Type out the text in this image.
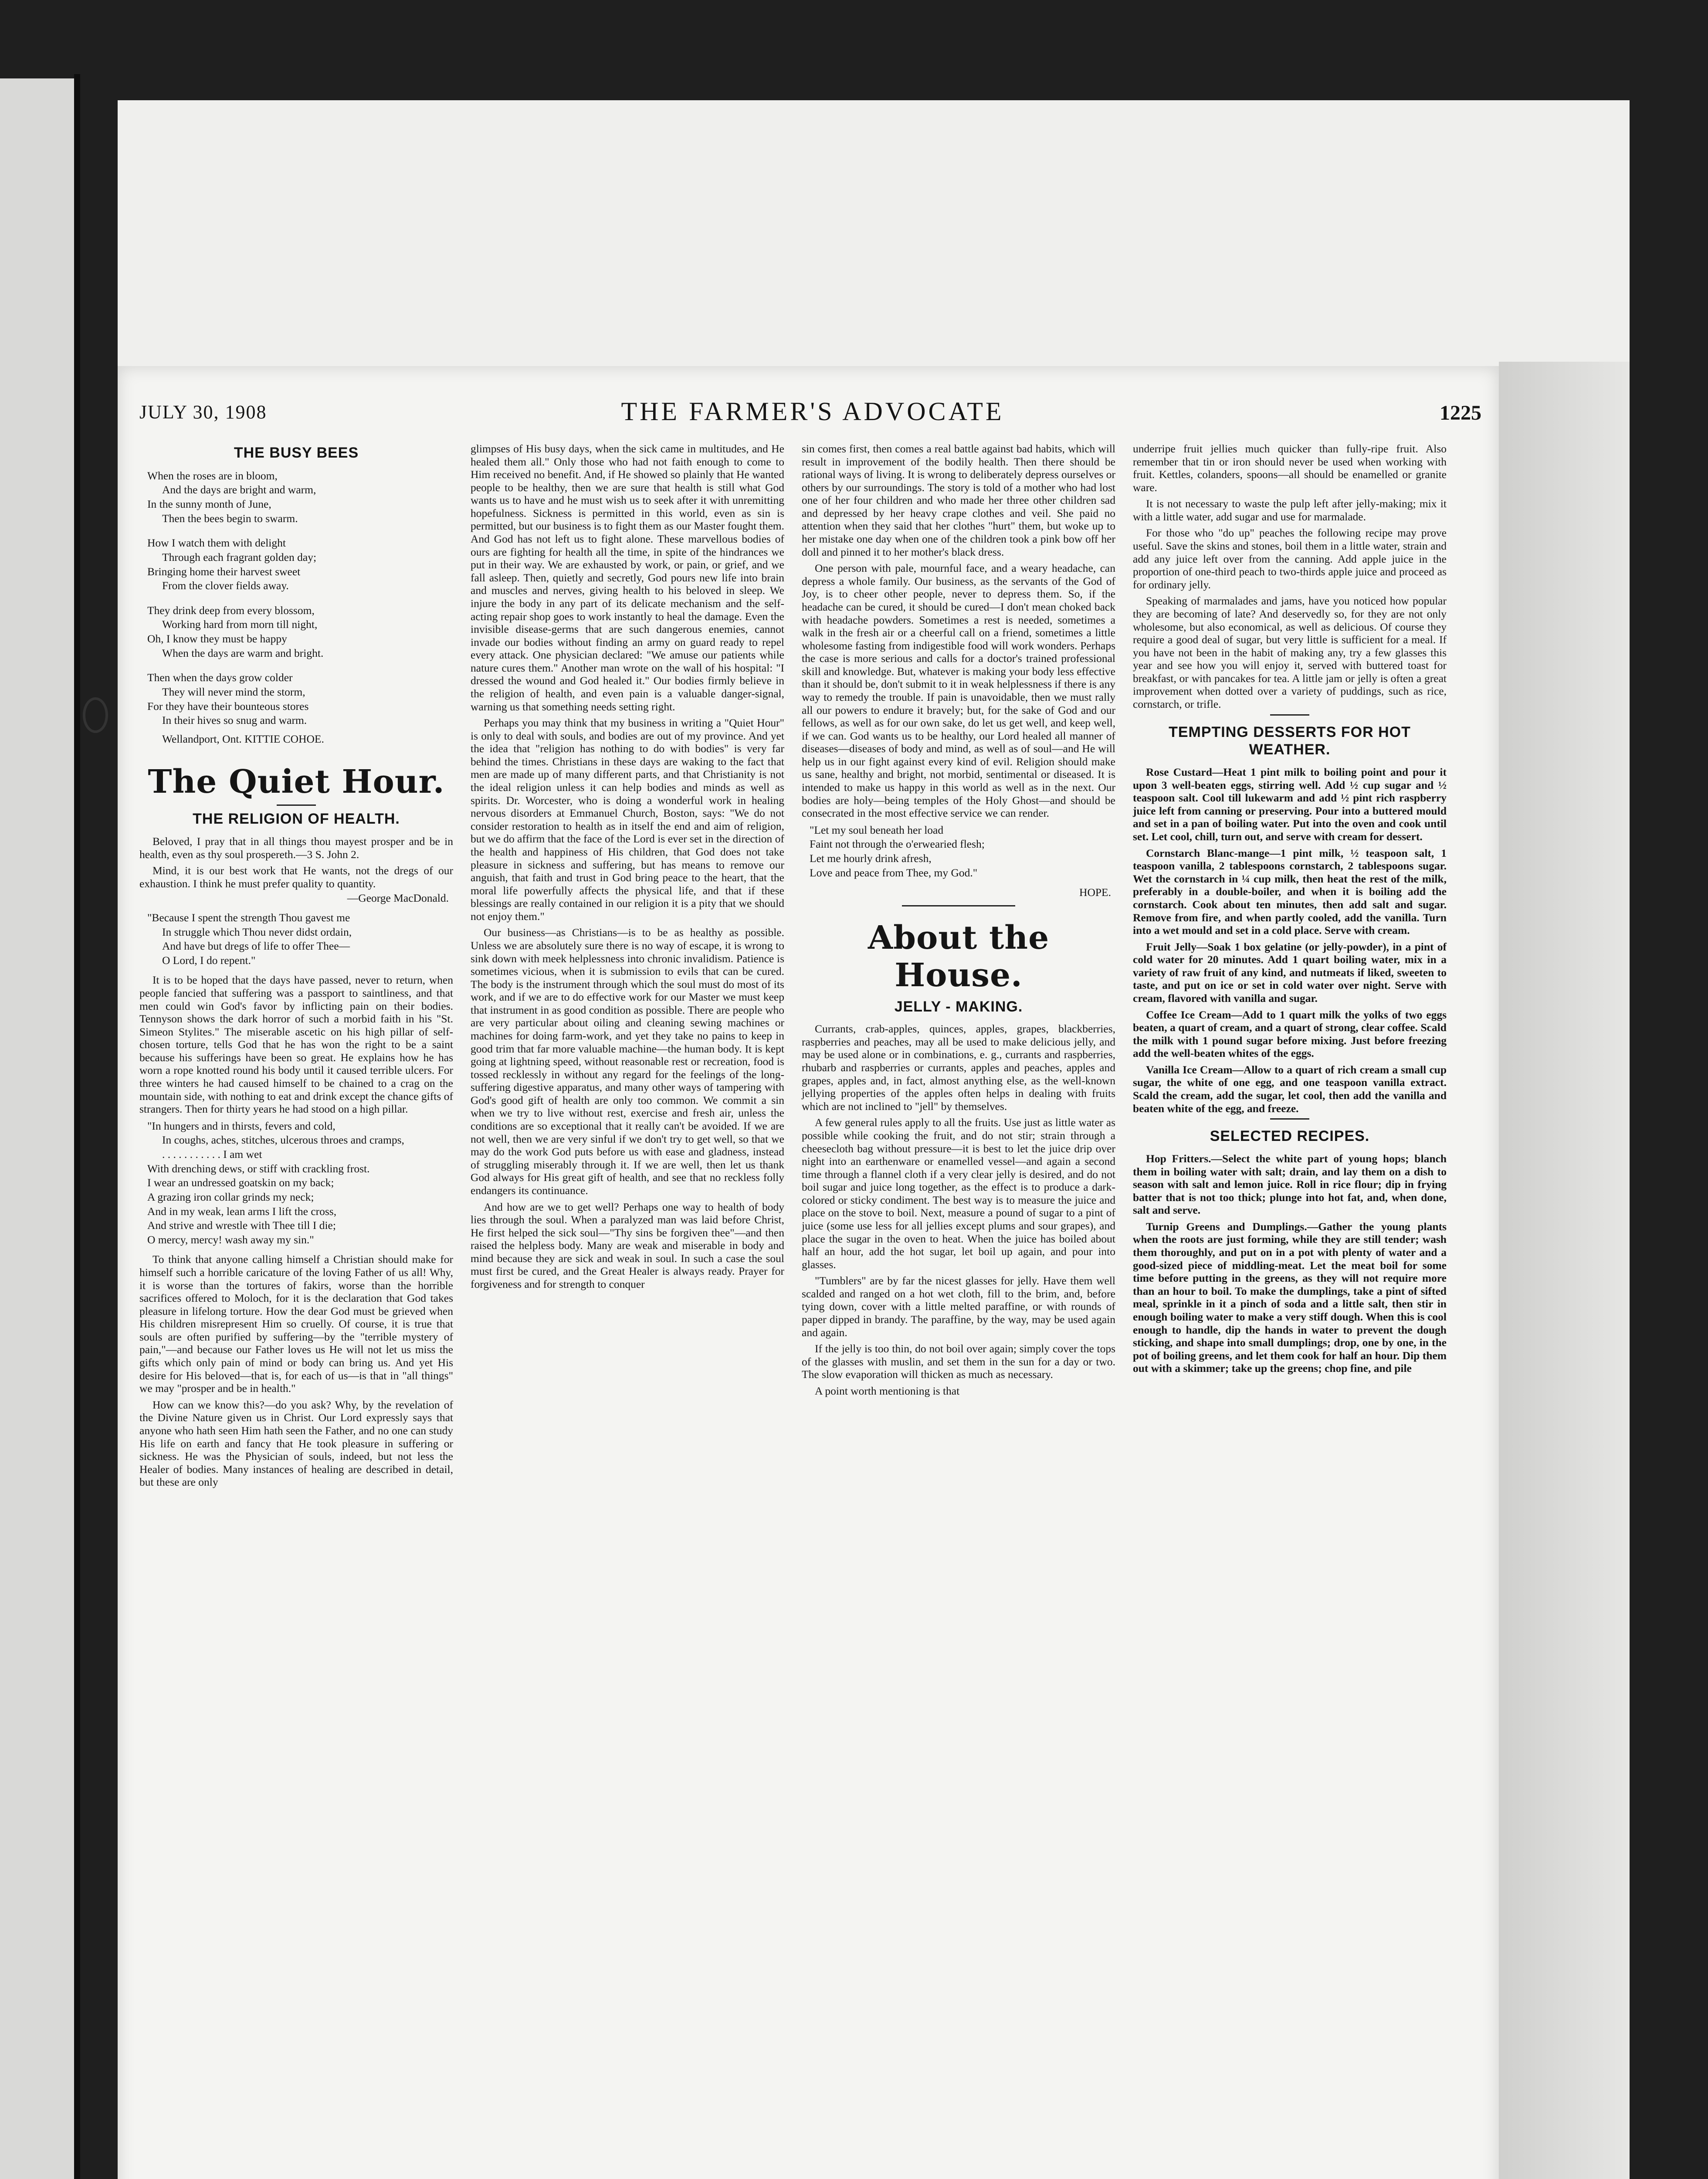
THE FARMER'S ADVOCATE
JULY 30, 1908	1225
THE BUSY BEES
When the roses are in bloom,
And the days are bright and warm,
In the sunny month of June,
Then the bees begin to swarm.
How I watch them with delight
Through each fragrant golden day;
Bringing home their harvest sweet
From the clover fields away.
They drink deep from every blossom,
Working hard from morn till night,
Oh, I know they must be happy
When the days are warm and bright.
Then when the days grow colder
They will never mind the storm,
For they have their bounteous stores
In their hives so snug and warm.
Wellandport, Ont. KITTIE COHOE.
The Quiet Hour.
THE RELIGION OF HEALTH.

Beloved, I pray that in all things thou mayest prosper and be in health, even as thy soul prospereth.—3 S. John 2.

Mind, it is our best work that He wants, not the dregs of our exhaustion. I think he must prefer quality to quantity.

—George MacDonald.
"Because I spent the strength Thou gavest me
In struggle which Thou never didst ordain,
And have but dregs of life to offer Thee—
O Lord, I do repent."

It is to be hoped that the days have passed, never to return, when people fancied that suffering was a passport to saintliness, and that men could win God's favor by inflicting pain on their bodies. Tennyson shows the dark horror of such a morbid faith in his "St. Simeon Stylites." The miserable ascetic on his high pillar of self-chosen torture, tells God that he has won the right to be a saint because his sufferings have been so great. He explains how he has worn a rope knotted round his body until it caused terrible ulcers. For three winters he had caused himself to be chained to a crag on the mountain side, with nothing to eat and drink except the chance gifts of strangers. Then for thirty years he had stood on a high pillar.

"In hungers and in thirsts, fevers and cold,
In coughs, aches, stitches, ulcerous throes and cramps,
. . . . . . . . . . . I am wet
With drenching dews, or stiff with crackling frost.
I wear an undressed goatskin on my back;
A grazing iron collar grinds my neck;
And in my weak, lean arms I lift the cross,
And strive and wrestle with Thee till I die;
O mercy, mercy! wash away my sin."

To think that anyone calling himself a Christian should make for himself such a horrible caricature of the loving Father of us all! Why, it is worse than the tortures of fakirs, worse than the horrible sacrifices offered to Moloch, for it is the declaration that God takes pleasure in lifelong torture. How the dear God must be grieved when His children misrepresent Him so cruelly. Of course, it is true that souls are often purified by suffering—by the "terrible mystery of pain,"—and because our Father loves us He will not let us miss the gifts which only pain of mind or body can bring us. And yet His desire for His beloved—that is, for each of us—is that in "all things" we may "prosper and be in health."

How can we know this?—do you ask? Why, by the revelation of the Divine Nature given us in Christ. Our Lord expressly says that anyone who hath seen Him hath seen the Father, and no one can study His life on earth and fancy that He took pleasure in suffering or sickness. He was the Physician of souls, indeed, but not less the Healer of bodies. Many instances of healing are described in detail, but these are only

glimpses of His busy days, when the sick came in multitudes, and He healed them all." Only those who had not faith enough to come to Him received no benefit. And, if He showed so plainly that He wanted people to be healthy, then we are sure that health is still what God wants us to have and he must wish us to seek after it with unremitting hopefulness. Sickness is permitted in this world, even as sin is permitted, but our business is to fight them as our Master fought them. And God has not left us to fight alone. These marvellous bodies of ours are fighting for health all the time, in spite of the hindrances we put in their way. We are exhausted by work, or pain, or grief, and we fall asleep. Then, quietly and secretly, God pours new life into brain and muscles and nerves, giving health to his beloved in sleep. We injure the body in any part of its delicate mechanism and the self-acting repair shop goes to work instantly to heal the damage. Even the invisible disease-germs that are such dangerous enemies, cannot invade our bodies without finding an army on guard ready to repel every attack. One physician declared: "We amuse our patients while nature cures them." Another man wrote on the wall of his hospital: "I dressed the wound and God healed it." Our bodies firmly believe in the religion of health, and even pain is a valuable danger-signal, warning us that something needs setting right.

Perhaps you may think that my business in writing a "Quiet Hour" is only to deal with souls, and bodies are out of my province. And yet the idea that "religion has nothing to do with bodies" is very far behind the times. Christians in these days are waking to the fact that men are made up of many different parts, and that Christianity is not the ideal religion unless it can help bodies and minds as well as spirits. Dr. Worcester, who is doing a wonderful work in healing nervous disorders at Emmanuel Church, Boston, says: "We do not consider restoration to health as in itself the end and aim of religion, but we do affirm that the face of the Lord is ever set in the direction of the health and happiness of His children, that God does not take pleasure in sickness and suffering, but has means to remove our anguish, that faith and trust in God bring peace to the heart, that the moral life powerfully affects the physical life, and that if these blessings are really contained in our religion it is a pity that we should not enjoy them."

Our business—as Christians—is to be as healthy as possible. Unless we are absolutely sure there is no way of escape, it is wrong to sink down with meek helplessness into chronic invalidism. Patience is sometimes vicious, when it is submission to evils that can be cured. The body is the instrument through which the soul must do most of its work, and if we are to do effective work for our Master we must keep that instrument in as good condition as possible. There are people who are very particular about oiling and cleaning sewing machines or machines for doing farm-work, and yet they take no pains to keep in good trim that far more valuable machine—the human body. It is kept going at lightning speed, without reasonable rest or recreation, food is tossed recklessly in without any regard for the feelings of the long-suffering digestive apparatus, and many other ways of tampering with God's good gift of health are only too common. We commit a sin when we try to live without rest, exercise and fresh air, unless the conditions are so exceptional that it really can't be avoided. If we are not well, then we are very sinful if we don't try to get well, so that we may do the work God puts before us with ease and gladness, instead of struggling miserably through it. If we are well, then let us thank God always for His great gift of health, and see that no reckless folly endangers its continuance.

And how are we to get well? Perhaps one way to health of body lies through the soul. When a paralyzed man was laid before Christ, He first helped the sick soul—"Thy sins be forgiven thee"—and then raised the helpless body. Many are weak and miserable in body and mind because they are sick and weak in soul. In such a case the soul must first be cured, and the Great Healer is always ready. Prayer for forgiveness and for strength to conquer

sin comes first, then comes a real battle against bad habits, which will result in improvement of the bodily health. Then there should be rational ways of living. It is wrong to deliberately depress ourselves or others by our surroundings. The story is told of a mother who had lost one of her four children and who made her three other children sad and depressed by her heavy crape clothes and veil. She paid no attention when they said that her clothes "hurt" them, but woke up to her mistake one day when one of the children took a pink bow off her doll and pinned it to her mother's black dress.

One person with pale, mournful face, and a weary headache, can depress a whole family. Our business, as the servants of the God of Joy, is to cheer other people, never to depress them. So, if the headache can be cured, it should be cured—I don't mean choked back with headache powders. Sometimes a rest is needed, sometimes a walk in the fresh air or a cheerful call on a friend, sometimes a little wholesome fasting from indigestible food will work wonders. Perhaps the case is more serious and calls for a doctor's trained professional skill and knowledge. But, whatever is making your body less effective than it should be, don't submit to it in weak helplessness if there is any way to remedy the trouble. If pain is unavoidable, then we must rally all our powers to endure it bravely; but, for the sake of God and our fellows, as well as for our own sake, do let us get well, and keep well, if we can. God wants us to be healthy, our Lord healed all manner of diseases—diseases of body and mind, as well as of soul—and He will help us in our fight against every kind of evil. Religion should make us sane, healthy and bright, not morbid, sentimental or diseased. It is intended to make us happy in this world as well as in the next. Our bodies are holy—being temples of the Holy Ghost—and should be consecrated in the most effective service we can render.

"Let my soul beneath her load
Faint not through the o'erwearied flesh;
Let me hourly drink afresh,
Love and peace from Thee, my God."
HOPE.
About the House.
JELLY - MAKING.

Currants, crab-apples, quinces, apples, grapes, blackberries, raspberries and peaches, may all be used to make delicious jelly, and may be used alone or in combinations, e. g., currants and raspberries, rhubarb and raspberries or currants, apples and peaches, apples and grapes, apples and, in fact, almost anything else, as the well-known jellying properties of the apples often helps in dealing with fruits which are not inclined to "jell" by themselves.

A few general rules apply to all the fruits. Use just as little water as possible while cooking the fruit, and do not stir; strain through a cheesecloth bag without pressure—it is best to let the juice drip over night into an earthenware or enamelled vessel—and again a second time through a flannel cloth if a very clear jelly is desired, and do not boil sugar and juice long together, as the effect is to produce a dark-colored or sticky condiment. The best way is to measure the juice and place on the stove to boil. Next, measure a pound of sugar to a pint of juice (some use less for all jellies except plums and sour grapes), and place the sugar in the oven to heat. When the juice has boiled about half an hour, add the hot sugar, let boil up again, and pour into glasses.

"Tumblers" are by far the nicest glasses for jelly. Have them well scalded and ranged on a hot wet cloth, fill to the brim, and, before tying down, cover with a little melted paraffine, or with rounds of paper dipped in brandy. The paraffine, by the way, may be used again and again.

If the jelly is too thin, do not boil over again; simply cover the tops of the glasses with muslin, and set them in the sun for a day or two. The slow evaporation will thicken as much as necessary.

A point worth mentioning is that

underripe fruit jellies much quicker than fully-ripe fruit. Also remember that tin or iron should never be used when working with fruit. Kettles, colanders, spoons—all should be enamelled or granite ware.

It is not necessary to waste the pulp left after jelly-making; mix it with a little water, add sugar and use for marmalade.

For those who "do up" peaches the following recipe may prove useful. Save the skins and stones, boil them in a little water, strain and add any juice left over from the canning. Add apple juice in the proportion of one-third peach to two-thirds apple juice and proceed as for ordinary jelly.

Speaking of marmalades and jams, have you noticed how popular they are becoming of late? And deservedly so, for they are not only wholesome, but also economical, as well as delicious. Of course they require a good deal of sugar, but very little is sufficient for a meal. If you have not been in the habit of making any, try a few glasses this year and see how you will enjoy it, served with buttered toast for breakfast, or with pancakes for tea. A little jam or jelly is often a great improvement when dotted over a variety of puddings, such as rice, cornstarch, or trifle.

TEMPTING DESSERTS FOR HOT WEATHER.

Rose Custard—Heat 1 pint milk to boiling point and pour it upon 3 well-beaten eggs, stirring well. Add ½ cup sugar and ½ teaspoon salt. Cool till lukewarm and add ½ pint rich raspberry juice left from canning or preserving. Pour into a buttered mould and set in a pan of boiling water. Put into the oven and cook until set. Let cool, chill, turn out, and serve with cream for dessert.

Cornstarch Blanc-mange—1 pint milk, ½ teaspoon salt, 1 teaspoon vanilla, 2 tablespoons cornstarch, 2 tablespoons sugar. Wet the cornstarch in ¼ cup milk, then heat the rest of the milk, preferably in a double-boiler, and when it is boiling add the cornstarch. Cook about ten minutes, then add salt and sugar. Remove from fire, and when partly cooled, add the vanilla. Turn into a wet mould and set in a cold place. Serve with cream.

Fruit Jelly—Soak 1 box gelatine (or jelly-powder), in a pint of cold water for 20 minutes. Add 1 quart boiling water, mix in a variety of raw fruit of any kind, and nutmeats if liked, sweeten to taste, and put on ice or set in cold water over night. Serve with cream, flavored with vanilla and sugar.

Coffee Ice Cream—Add to 1 quart milk the yolks of two eggs beaten, a quart of cream, and a quart of strong, clear coffee. Scald the milk with 1 pound sugar before mixing. Just before freezing add the well-beaten whites of the eggs.

Vanilla Ice Cream—Allow to a quart of rich cream a small cup sugar, the white of one egg, and one teaspoon vanilla extract. Scald the cream, add the sugar, let cool, then add the vanilla and beaten white of the egg, and freeze.

SELECTED RECIPES.

Hop Fritters.—Select the white part of young hops; blanch them in boiling water with salt; drain, and lay them on a dish to season with salt and lemon juice. Roll in rice flour; dip in frying batter that is not too thick; plunge into hot fat, and, when done, salt and serve.

Turnip Greens and Dumplings.—Gather the young plants when the roots are just forming, while they are still tender; wash them thoroughly, and put on in a pot with plenty of water and a good-sized piece of middling-meat. Let the meat boil for some time before putting in the greens, as they will not require more than an hour to boil. To make the dumplings, take a pint of sifted meal, sprinkle in it a pinch of soda and a little salt, then stir in enough boiling water to make a very stiff dough. When this is cool enough to handle, dip the hands in water to prevent the dough sticking, and shape into small dumplings; drop, one by one, in the pot of boiling greens, and let them cook for half an hour. Dip them out with a skimmer; take up the greens; chop fine, and pile
